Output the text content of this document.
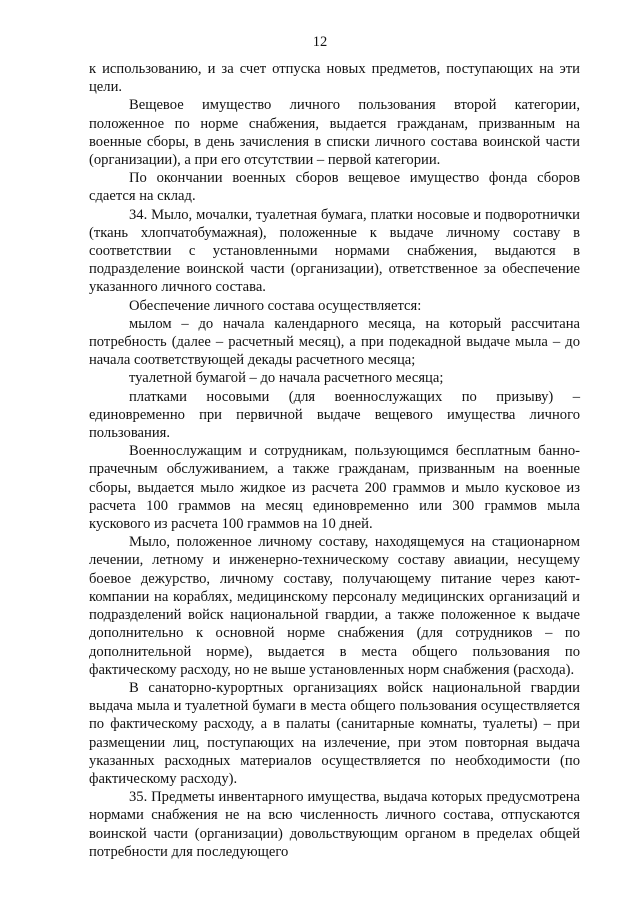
12

к использованию, и за счет отпуска новых предметов, поступающих на эти цели.

Вещевое имущество личного пользования второй категории, положенное по норме снабжения, выдается гражданам, призванным на военные сборы, в день зачисления в списки личного состава воинской части (организации), а при его отсутствии – первой категории.

По окончании военных сборов вещевое имущество фонда сборов сдается на склад.

34. Мыло, мочалки, туалетная бумага, платки носовые и подворотнички (ткань хлопчатобумажная), положенные к выдаче личному составу в соответствии с установленными нормами снабжения, выдаются в подразделение воинской части (организации), ответственное за обеспечение указанного личного состава.

Обеспечение личного состава осуществляется:

мылом – до начала календарного месяца, на который рассчитана потребность (далее – расчетный месяц), а при подекадной выдаче мыла – до начала соответствующей декады расчетного месяца;

туалетной бумагой – до начала расчетного месяца;

платками носовыми (для военнослужащих по призыву) – единовременно при первичной выдаче вещевого имущества личного пользования.

Военнослужащим и сотрудникам, пользующимся бесплатным банно-прачечным обслуживанием, а также гражданам, призванным на военные сборы, выдается мыло жидкое из расчета 200 граммов и мыло кусковое из расчета 100 граммов на месяц единовременно или 300 граммов мыла кускового из расчета 100 граммов на 10 дней.

Мыло, положенное личному составу, находящемуся на стационарном лечении, летному и инженерно-техническому составу авиации, несущему боевое дежурство, личному составу, получающему питание через кают-компании на кораблях, медицинскому персоналу медицинских организаций и подразделений войск национальной гвардии, а также положенное к выдаче дополнительно к основной норме снабжения (для сотрудников – по дополнительной норме), выдается в места общего пользования по фактическому расходу, но не выше установленных норм снабжения (расхода).

В санаторно-курортных организациях войск национальной гвардии выдача мыла и туалетной бумаги в места общего пользования осуществляется по фактическому расходу, а в палаты (санитарные комнаты, туалеты) – при размещении лиц, поступающих на излечение, при этом повторная выдача указанных расходных материалов осуществляется по необходимости (по фактическому расходу).

35. Предметы инвентарного имущества, выдача которых предусмотрена нормами снабжения не на всю численность личного состава, отпускаются воинской части (организации) довольствующим органом в пределах общей потребности для последующего
